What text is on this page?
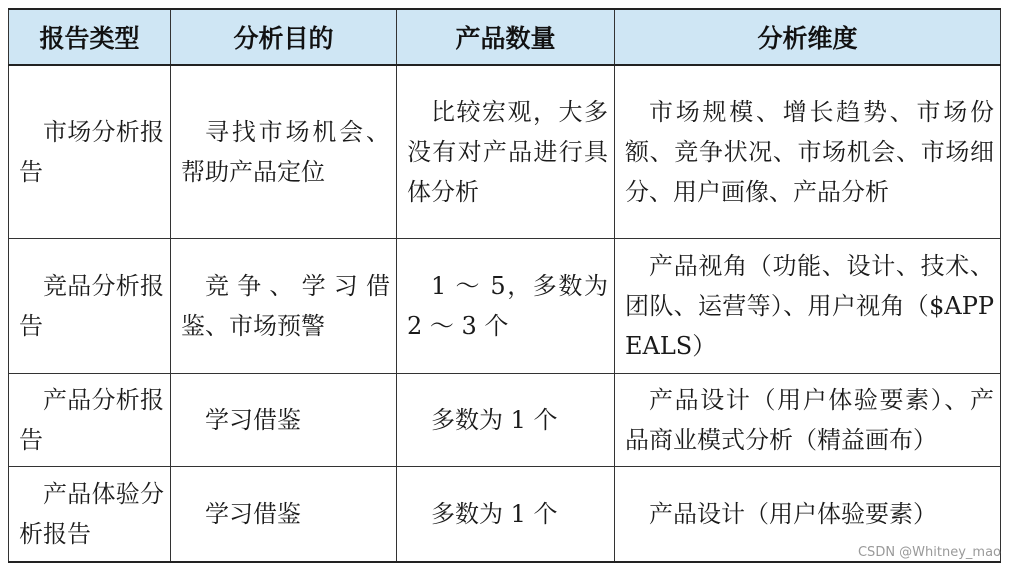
报告类型	分析目的	产品数量	分析维度

市场分析报告	寻找市场机会、帮助产品定位	比较宏观，大多没有对产品进行具体分析	市场规模、增长趋势、市场份额、竞争状况、市场机会、市场细分、用户画像、产品分析

竞品分析报告	竞争、学习借鉴、市场预警	1 ～ 5，多数为 2 ～ 3 个	产品视角（功能、设计、技术、团队、运营等）、用户视角（$APPEALS）

产品分析报告	学习借鉴	多数为 1 个	产品设计（用户体验要素）、产品商业模式分析（精益画布）

产品体验分析报告	学习借鉴	多数为 1 个	产品设计（用户体验要素）
CSDN @Whitney_mao
